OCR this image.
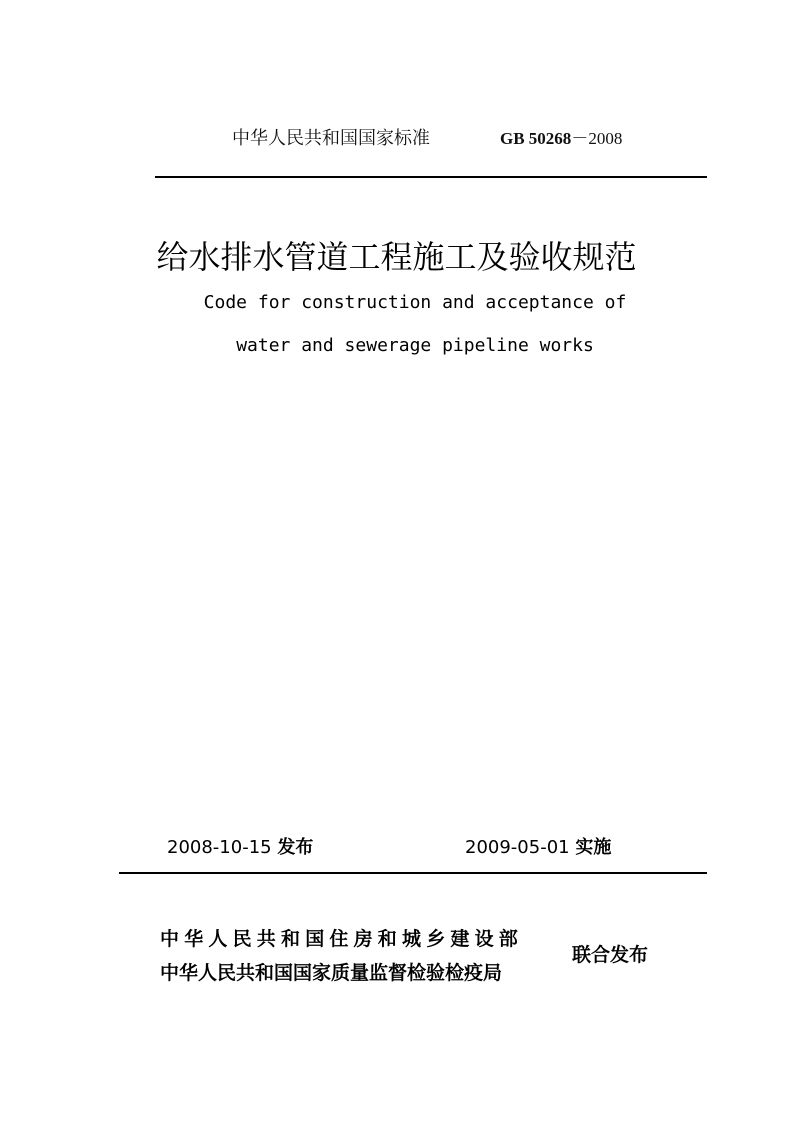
中华人民共和国国家标准	GB 50268－2008
给水排水管道工程施工及验收规范
Code for construction and acceptance of
water and sewerage pipeline works
2008-10-15 发布	2009-05-01 实施
中华人民共和国住房和城乡建设部
中华人民共和国国家质量监督检验检疫局
联合发布
